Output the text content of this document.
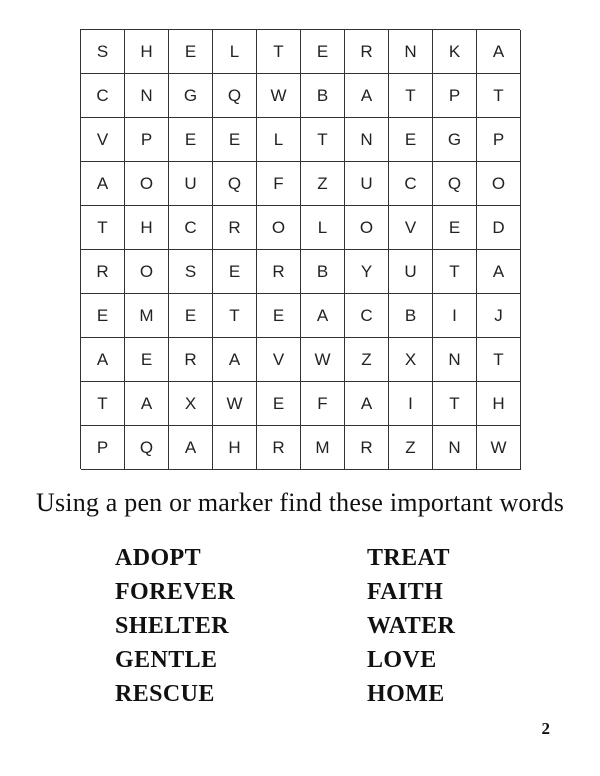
S	H	E	L	T	E	R	N	K	A
C	N	G	Q	W	B	A	T	P	T
V	P	E	E	L	T	N	E	G	P
A	O	U	Q	F	Z	U	C	Q	O
T	H	C	R	O	L	O	V	E	D
R	O	S	E	R	B	Y	U	T	A
E	M	E	T	E	A	C	B	I	J
A	E	R	A	V	W	Z	X	N	T
T	A	X	W	E	F	A	I	T	H
P	Q	A	H	R	M	R	Z	N	W
Using a pen or marker find these important words
ADOPT
FOREVER
SHELTER
GENTLE
RESCUE
TREAT
FAITH
WATER
LOVE
HOME
2
